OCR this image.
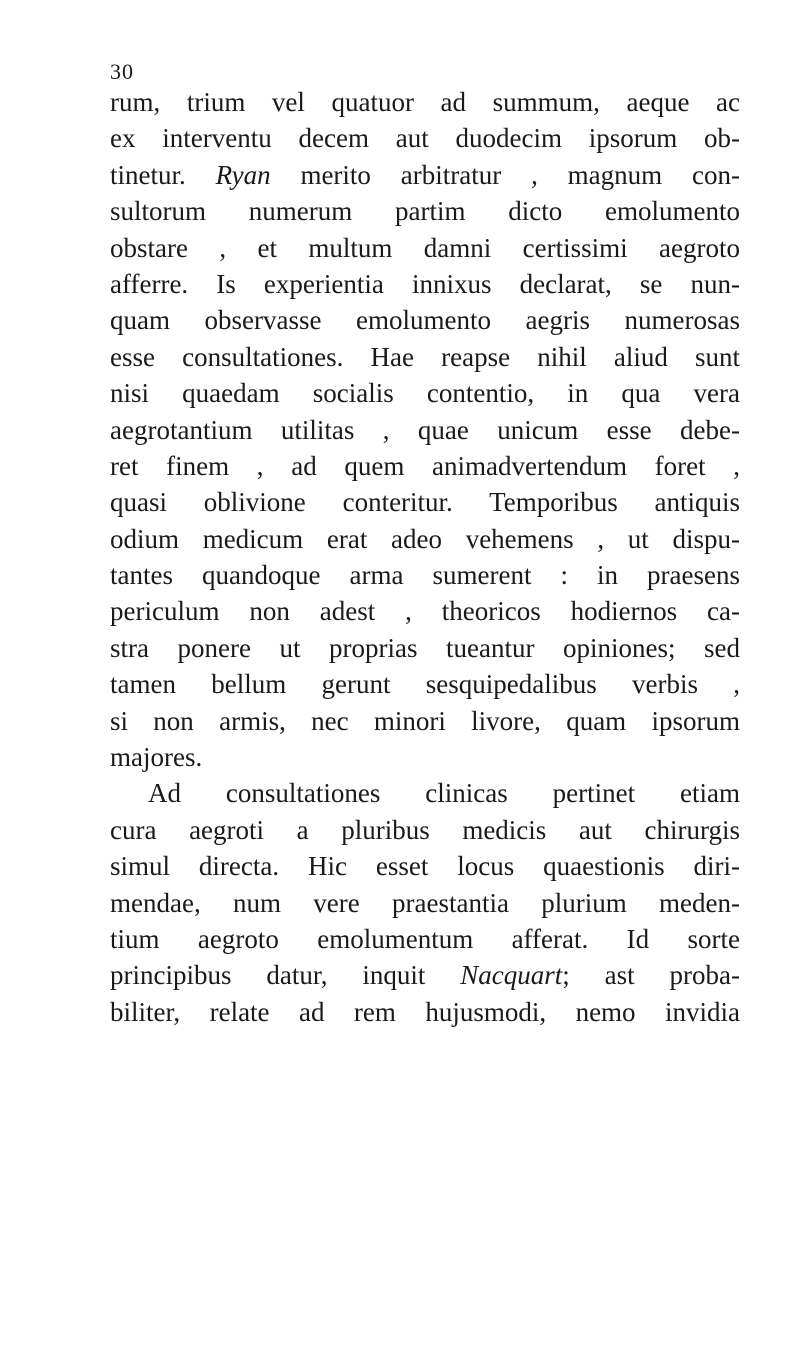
30
rum, trium vel quatuor ad summum, aeque ac
ex interventu decem aut duodecim ipsorum ob-
tinetur. Ryan merito arbitratur , magnum con-
sultorum numerum partim dicto emolumento
obstare , et multum damni certissimi aegroto
afferre. Is experientia innixus declarat, se nun-
quam observasse emolumento aegris numerosas
esse consultationes. Hae reapse nihil aliud sunt
nisi quaedam socialis contentio, in qua vera
aegrotantium utilitas , quae unicum esse debe-
ret finem , ad quem animadvertendum foret ,
quasi oblivione conteritur. Temporibus antiquis
odium medicum erat adeo vehemens , ut dispu-
tantes quandoque arma sumerent : in praesens
periculum non adest , theoricos hodiernos ca-
stra ponere ut proprias tueantur opiniones; sed
tamen bellum gerunt sesquipedalibus verbis ,
si non armis, nec minori livore, quam ipsorum
majores.
Ad consultationes clinicas pertinet etiam
cura aegroti a pluribus medicis aut chirurgis
simul directa. Hic esset locus quaestionis diri-
mendae, num vere praestantia plurium meden-
tium aegroto emolumentum afferat. Id sorte
principibus datur, inquit Nacquart; ast proba-
biliter, relate ad rem hujusmodi, nemo invidia
